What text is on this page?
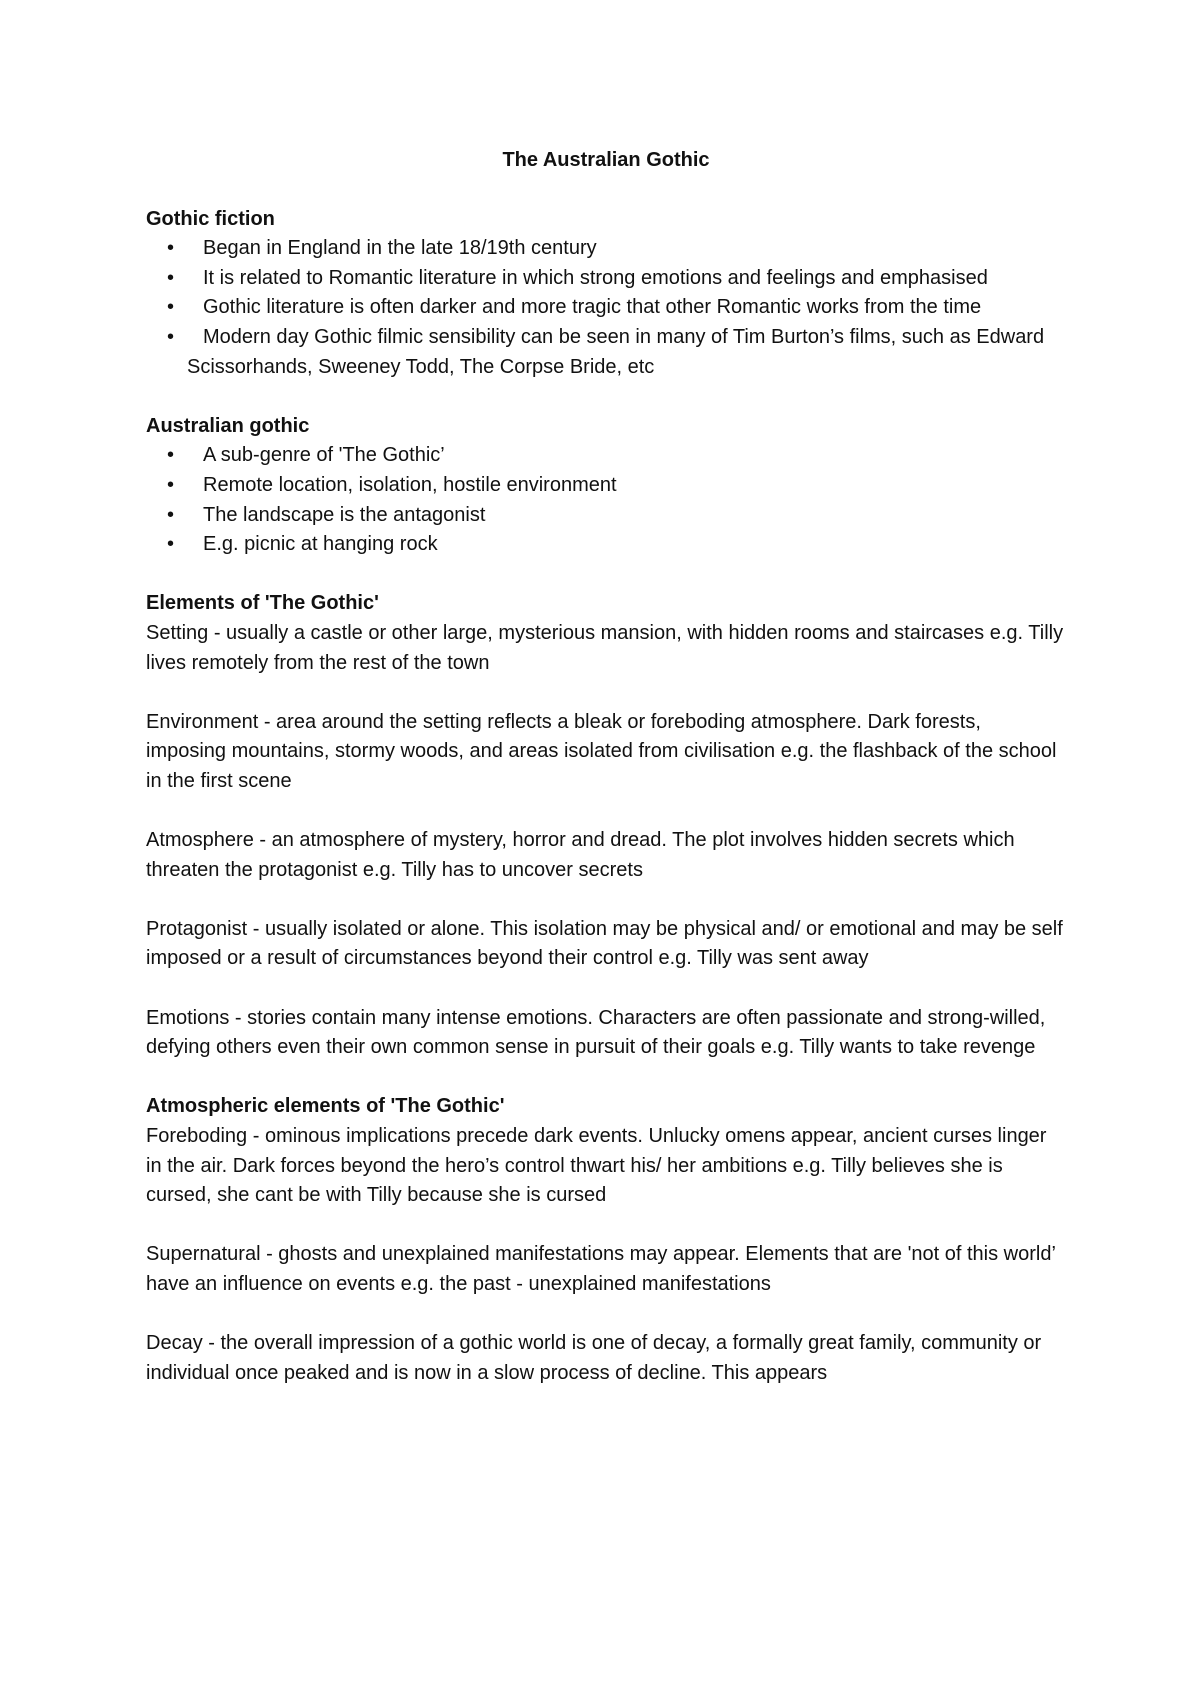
The Australian Gothic
Gothic fiction
•	Began in England in the late 18/19th century
•	It is related to Romantic literature in which strong emotions and feelings and emphasised
•	Gothic literature is often darker and more tragic that other Romantic works from the time
•	Modern day Gothic filmic sensibility can be seen in many of Tim Burton’s films, such as Edward Scissorhands, Sweeney Todd, The Corpse Bride, etc
Australian gothic
•	A sub-genre of 'The Gothic’
•	Remote location, isolation, hostile environment
•	The landscape is the antagonist
•	E.g. picnic at hanging rock
Elements of 'The Gothic'

Setting - usually a castle or other large, mysterious mansion, with hidden rooms and staircases e.g. Tilly lives remotely from the rest of the town

Environment - area around the setting reflects a bleak or foreboding atmosphere. Dark forests, imposing mountains, stormy woods, and areas isolated from civilisation e.g. the flashback of the school in the first scene

Atmosphere - an atmosphere of mystery, horror and dread. The plot involves hidden secrets which threaten the protagonist e.g. Tilly has to uncover secrets

Protagonist - usually isolated or alone. This isolation may be physical and/ or emotional and may be self imposed or a result of circumstances beyond their control e.g. Tilly was sent away

Emotions - stories contain many intense emotions. Characters are often passionate and strong-willed, defying others even their own common sense in pursuit of their goals e.g. Tilly wants to take revenge

Atmospheric elements of 'The Gothic'

Foreboding - ominous implications precede dark events. Unlucky omens appear, ancient curses linger in the air. Dark forces beyond the hero’s control thwart his/ her ambitions e.g. Tilly believes she is cursed, she cant be with Tilly because she is cursed

Supernatural - ghosts and unexplained manifestations may appear. Elements that are 'not of this world’ have an influence on events e.g. the past - unexplained manifestations

Decay - the overall impression of a gothic world is one of decay, a formally great family, community or individual once peaked and is now in a slow process of decline. This appears
